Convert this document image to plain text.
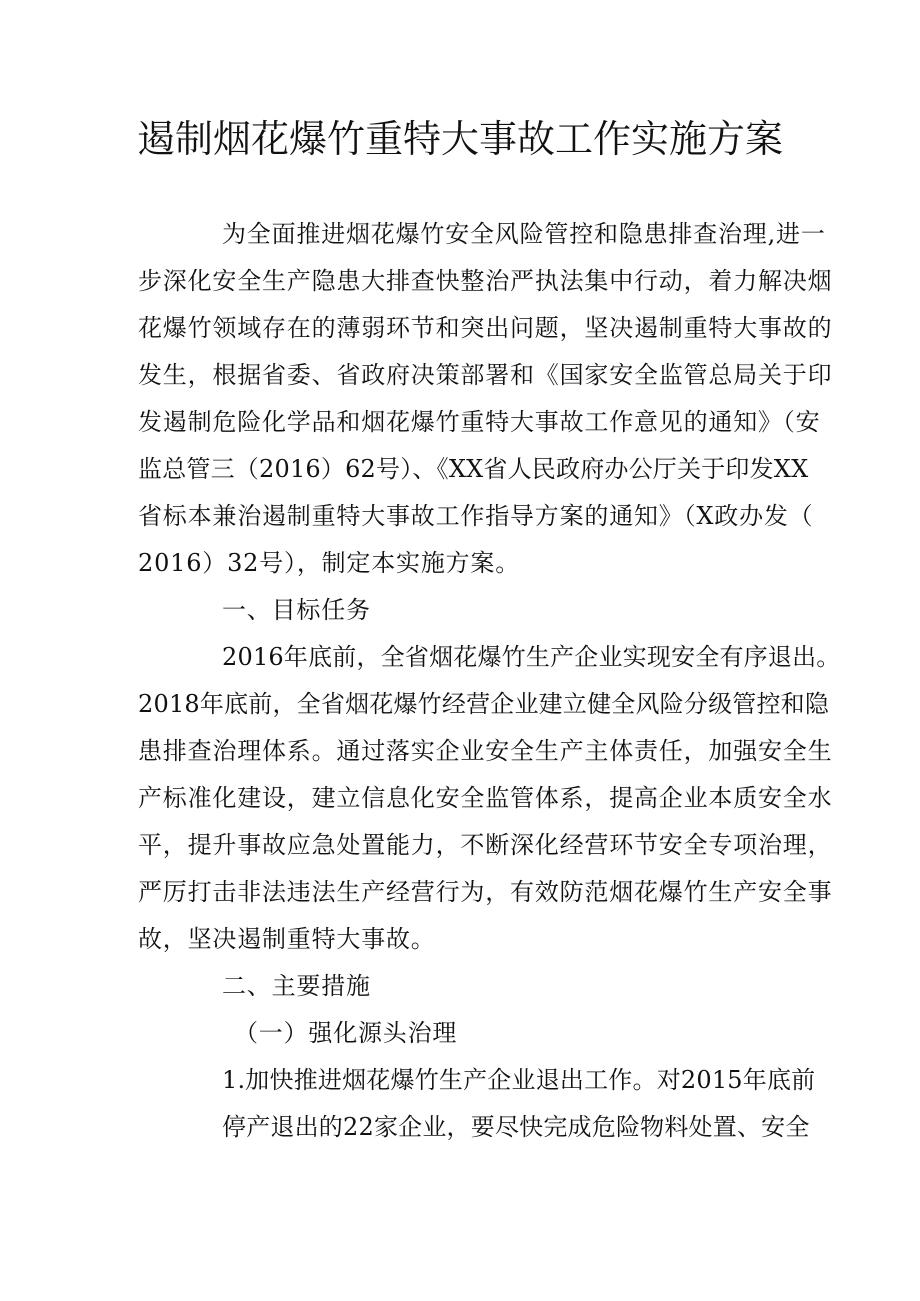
遏制烟花爆竹重特大事故工作实施方案
为全面推进烟花爆竹安全风险管控和隐患排查治理,进一
步深化安全生产隐患大排查快整治严执法集中行动，着力解决烟
花爆竹领域存在的薄弱环节和突出问题，坚决遏制重特大事故的
发生，根据省委、省政府决策部署和《国家安全监管总局关于印
发遏制危险化学品和烟花爆竹重特大事故工作意见的通知》（安
监总管三（2016）62号）、《XX省人民政府办公厅关于印发XX
省标本兼治遏制重特大事故工作指导方案的通知》（X政办发（
2016）32号），制定本实施方案。
一、目标任务
2016年底前，全省烟花爆竹生产企业实现安全有序退出。
2018年底前，全省烟花爆竹经营企业建立健全风险分级管控和隐
患排查治理体系。通过落实企业安全生产主体责任，加强安全生
产标准化建设，建立信息化安全监管体系，提高企业本质安全水
平，提升事故应急处置能力，不断深化经营环节安全专项治理，
严厉打击非法违法生产经营行为，有效防范烟花爆竹生产安全事
故，坚决遏制重特大事故。
二、主要措施
（一）强化源头治理
1.加快推进烟花爆竹生产企业退出工作。对2015年底前
停产退出的22家企业，要尽快完成危险物料处置、安全
